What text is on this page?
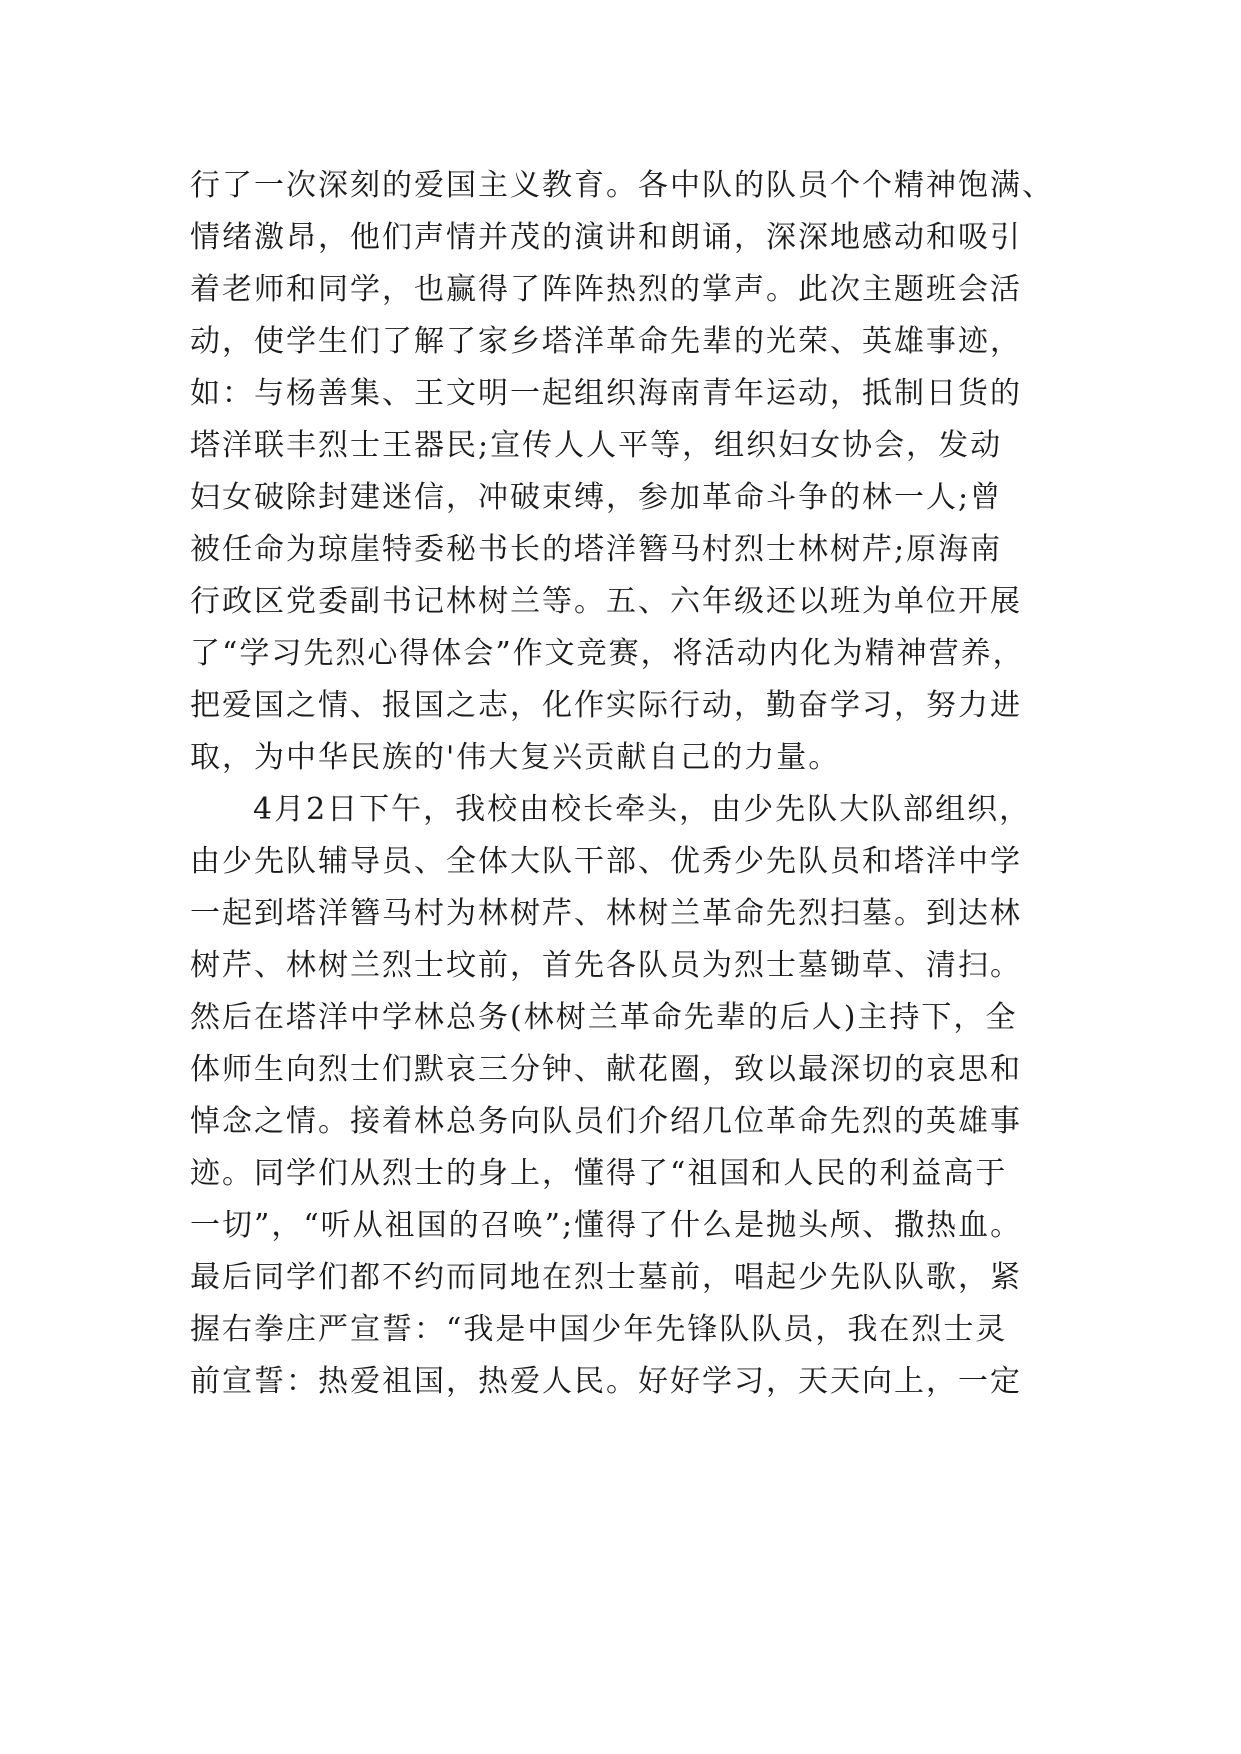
行了一次深刻的爱国主义教育。各中队的队员个个精神饱满、
情绪激昂，他们声情并茂的演讲和朗诵，深深地感动和吸引
着老师和同学，也赢得了阵阵热烈的掌声。此次主题班会活
动，使学生们了解了家乡塔洋革命先辈的光荣、英雄事迹，
如：与杨善集、王文明一起组织海南青年运动，抵制日货的
塔洋联丰烈士王器民;宣传人人平等，组织妇女协会，发动
妇女破除封建迷信，冲破束缚，参加革命斗争的林一人;曾
被任命为琼崖特委秘书长的塔洋簪马村烈士林树芹;原海南
行政区党委副书记林树兰等。五、六年级还以班为单位开展
了“学习先烈心得体会”作文竞赛，将活动内化为精神营养，
把爱国之情、报国之志，化作实际行动，勤奋学习，努力进
取，为中华民族的'伟大复兴贡献自己的力量。
4月2日下午，我校由校长牵头，由少先队大队部组织，
由少先队辅导员、全体大队干部、优秀少先队员和塔洋中学
一起到塔洋簪马村为林树芹、林树兰革命先烈扫墓。到达林
树芹、林树兰烈士坟前，首先各队员为烈士墓锄草、清扫。
然后在塔洋中学林总务(林树兰革命先辈的后人)主持下，全
体师生向烈士们默哀三分钟、献花圈，致以最深切的哀思和
悼念之情。接着林总务向队员们介绍几位革命先烈的英雄事
迹。同学们从烈士的身上，懂得了“祖国和人民的利益高于
一切”，“听从祖国的召唤”;懂得了什么是抛头颅、撒热血。
最后同学们都不约而同地在烈士墓前，唱起少先队队歌，紧
握右拳庄严宣誓：“我是中国少年先锋队队员，我在烈士灵
前宣誓：热爱祖国，热爱人民。好好学习，天天向上，一定
